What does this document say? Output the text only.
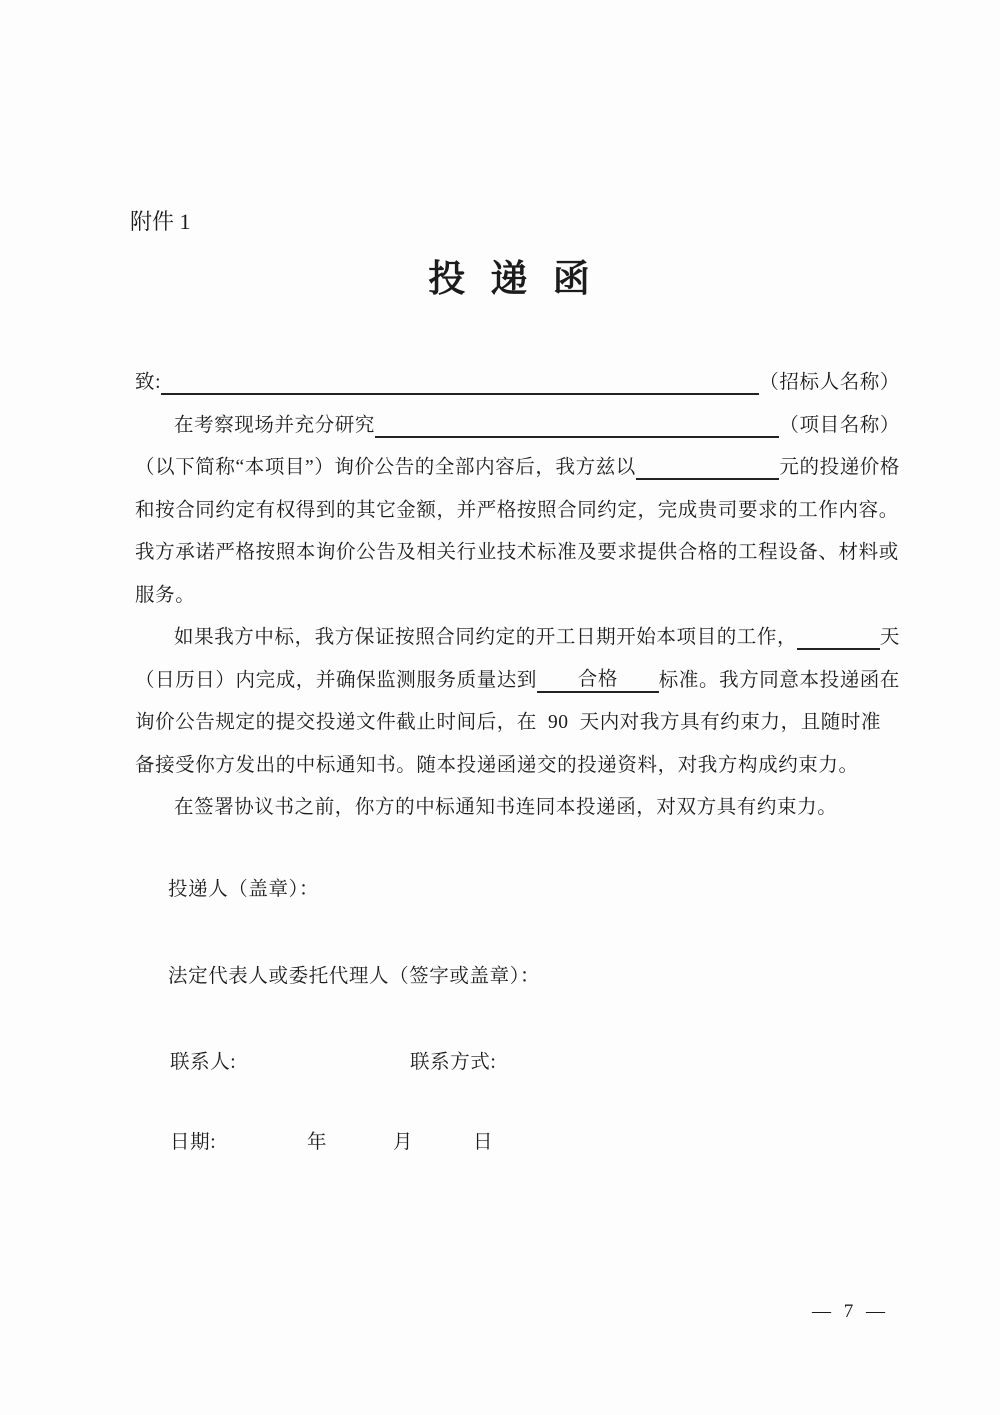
附件 1
投 递 函
致:	（招标人名称）
在考察现场并充分研究	（项目名称）
（以下简称“本项目”）询价公告的全部内容后，我方兹以	元的投递价格
和按合同约定有权得到的其它金额，并严格按照合同约定，完成贵司要求的工作内容。
我方承诺严格按照本询价公告及相关行业技术标准及要求提供合格的工程设备、材料或
服务。
如果我方中标，我方保证按照合同约定的开工日期开始本项目的工作，	天
（日历日）内完成，并确保监测服务质量达到 合格 标准。我方同意本投递函在
询价公告规定的提交投递文件截止时间后，在  90  天内对我方具有约束力，且随时准
备接受你方发出的中标通知书。随本投递函递交的投递资料，对我方构成约束力。
在签署协议书之前，你方的中标通知书连同本投递函，对双方具有约束力。
投递人（盖章）：
法定代表人或委托代理人（签字或盖章）：
联系人:	联系方式:
日期:	年	月	日
— 7 —
